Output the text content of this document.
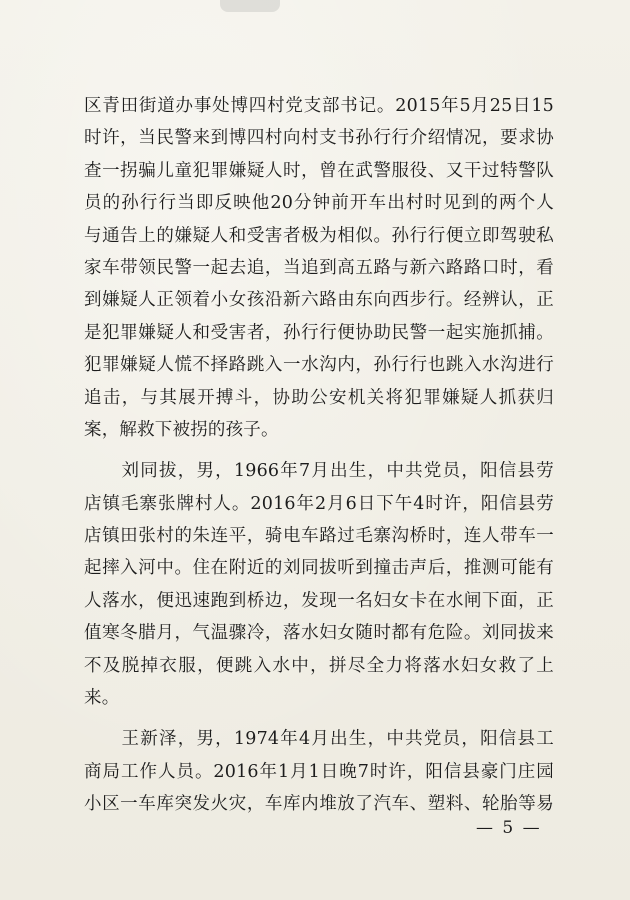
区青田街道办事处博四村党支部书记。2015年5月25日15
时许，当民警来到博四村向村支书孙行行介绍情况，要求协
查一拐骗儿童犯罪嫌疑人时，曾在武警服役、又干过特警队
员的孙行行当即反映他20分钟前开车出村时见到的两个人
与通告上的嫌疑人和受害者极为相似。孙行行便立即驾驶私
家车带领民警一起去追，当追到高五路与新六路路口时，看
到嫌疑人正领着小女孩沿新六路由东向西步行。经辨认，正
是犯罪嫌疑人和受害者，孙行行便协助民警一起实施抓捕。
犯罪嫌疑人慌不择路跳入一水沟内，孙行行也跳入水沟进行
追击，与其展开搏斗，协助公安机关将犯罪嫌疑人抓获归
案，解救下被拐的孩子。
　　刘同拔，男，1966年7月出生，中共党员，阳信县劳
店镇毛寨张牌村人。2016年2月6日下午4时许，阳信县劳
店镇田张村的朱连平，骑电车路过毛寨沟桥时，连人带车一
起摔入河中。住在附近的刘同拔听到撞击声后，推测可能有
人落水，便迅速跑到桥边，发现一名妇女卡在水闸下面，正
值寒冬腊月，气温骤冷，落水妇女随时都有危险。刘同拔来
不及脱掉衣服，便跳入水中，拼尽全力将落水妇女救了上
来。
　　王新泽，男，1974年4月出生，中共党员，阳信县工
商局工作人员。2016年1月1日晚7时许，阳信县豪门庄园
小区一车库突发火灾，车库内堆放了汽车、塑料、轮胎等易
— 5 —
